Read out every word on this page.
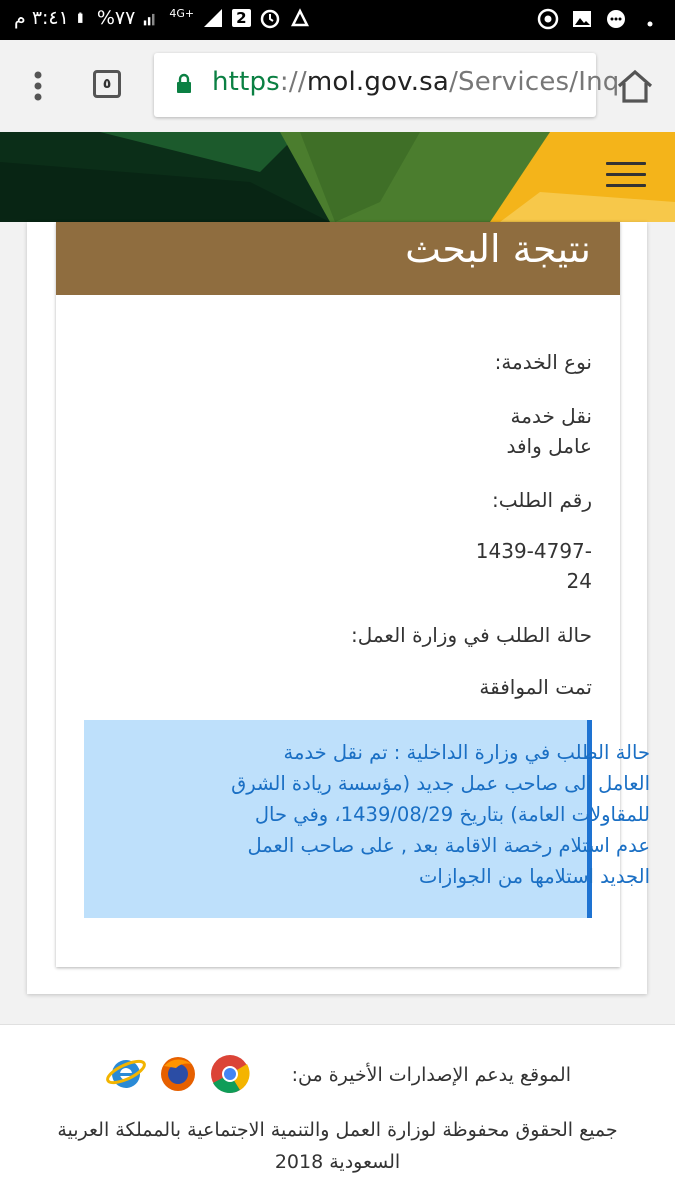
٣:٤١ م %٧٧	4G+	2
٥	https://mol.gov.sa/Services/Inq
نتيجة البحث
نوع الخدمة:
نقل خدمة
عامل وافد
رقم الطلب:
1439-4797-
24
حالة الطلب في وزارة العمل:
تمت الموافقة
حالة الطلب في وزارة الداخلية : تم نقل خدمة
العامل الى صاحب عمل جديد (مؤسسة ريادة الشرق
للمقاولات العامة) بتاريخ 1439/08/29، وفي حال
عدم استلام رخصة الاقامة بعد , على صاحب العمل
الجديد استلامها من الجوازات
الموقع يدعم الإصدارات الأخيرة من:
جميع الحقوق محفوظة لوزارة العمل والتنمية الاجتماعية بالمملكة العربية
السعودية 2018
